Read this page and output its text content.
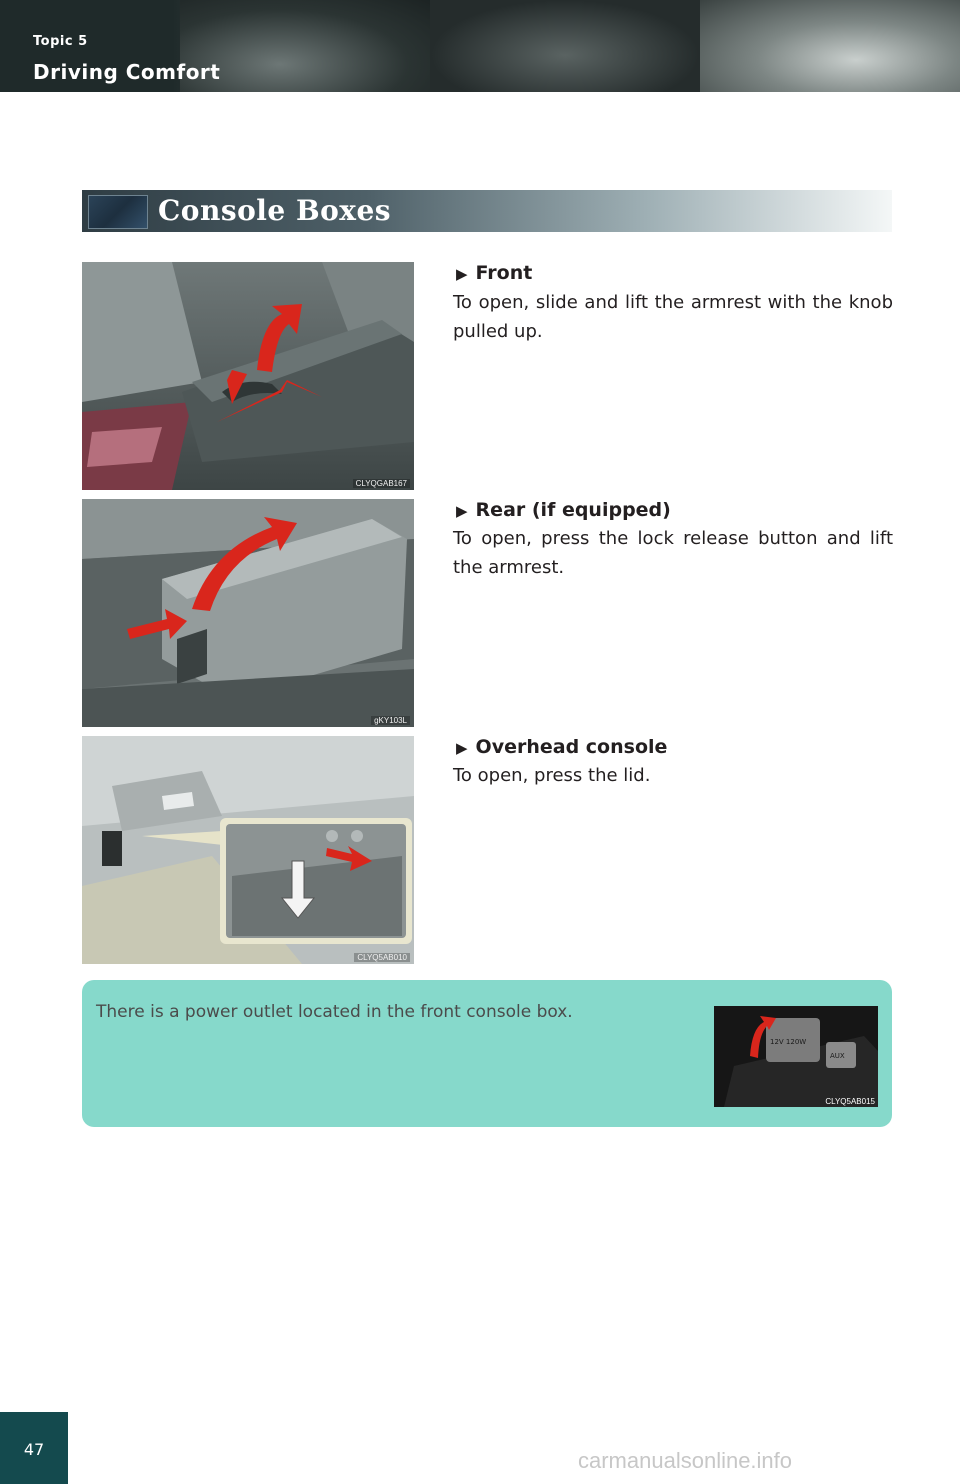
Topic 5
Driving Comfort
Console Boxes
CLYQGAB167
▶ Front
To open, slide and lift the armrest with the knob pulled up.
gKY103L
▶ Rear (if equipped)
To open, press the lock release button and lift the armrest.
CLYQ5AB010
▶ Overhead console
To open, press the lid.
There is a power outlet located in the front console box.
12V 120W
AUX
CLYQ5AB015
47	carmanualsonline.info
